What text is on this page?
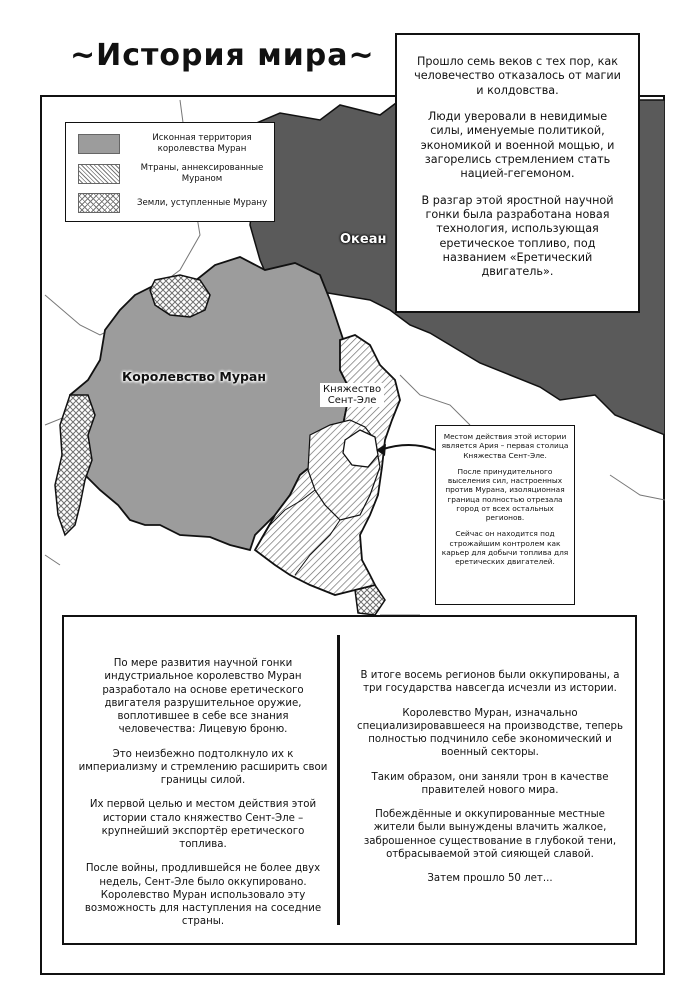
~История мира~
Океан
Королевство Муран
Княжество
Сент-Эле
Исконная территория королевства Муран
Мтраны, аннексированные Мураном
Земли, уступленные Мурану

Прошло семь веков с тех пор, как человечество отказалось от магии и колдовства.

Люди уверовали в невидимые силы, именуемые политикой, экономикой и военной мощью, и загорелись стремлением стать нацией-гегемоном.

В разгар этой яростной научной гонки была разработана новая технология, использующая еретическое топливо, под названием «Еретический двигатель».

Местом действия этой истории является Ария – первая столица Княжества Сент-Эле.

После принудительного выселения сил, настроенных против Мурана, изоляционная граница полностью отрезала город от всех остальных регионов.

Сейчас он находится под строжайшим контролем как карьер для добычи топлива для еретических двигателей.

По мере развития научной гонки индустриальное королевство Муран разработало на основе еретического двигателя разрушительное оружие, воплотившее в себе все знания человечества: Лицевую броню.

Это неизбежно подтолкнуло их к империализму и стремлению расширить свои границы силой.

Их первой целью и местом действия этой истории стало княжество Сент-Эле – крупнейший экспортёр еретического топлива.

После войны, продлившейся не более двух недель, Сент-Эле было оккупировано. Королевство Муран использовало эту возможность для наступления на соседние страны.

В итоге восемь регионов были оккупированы, а три государства навсегда исчезли из истории.

Королевство Муран, изначально специализировавшееся на производстве, теперь полностью подчинило себе экономический и военный секторы.

Таким образом, они заняли трон в качестве правителей нового мира.

Побеждённые и оккупированные местные жители были вынуждены влачить жалкое, заброшенное существование в глубокой тени, отбрасываемой этой сияющей славой.

Затем прошло 50 лет...
